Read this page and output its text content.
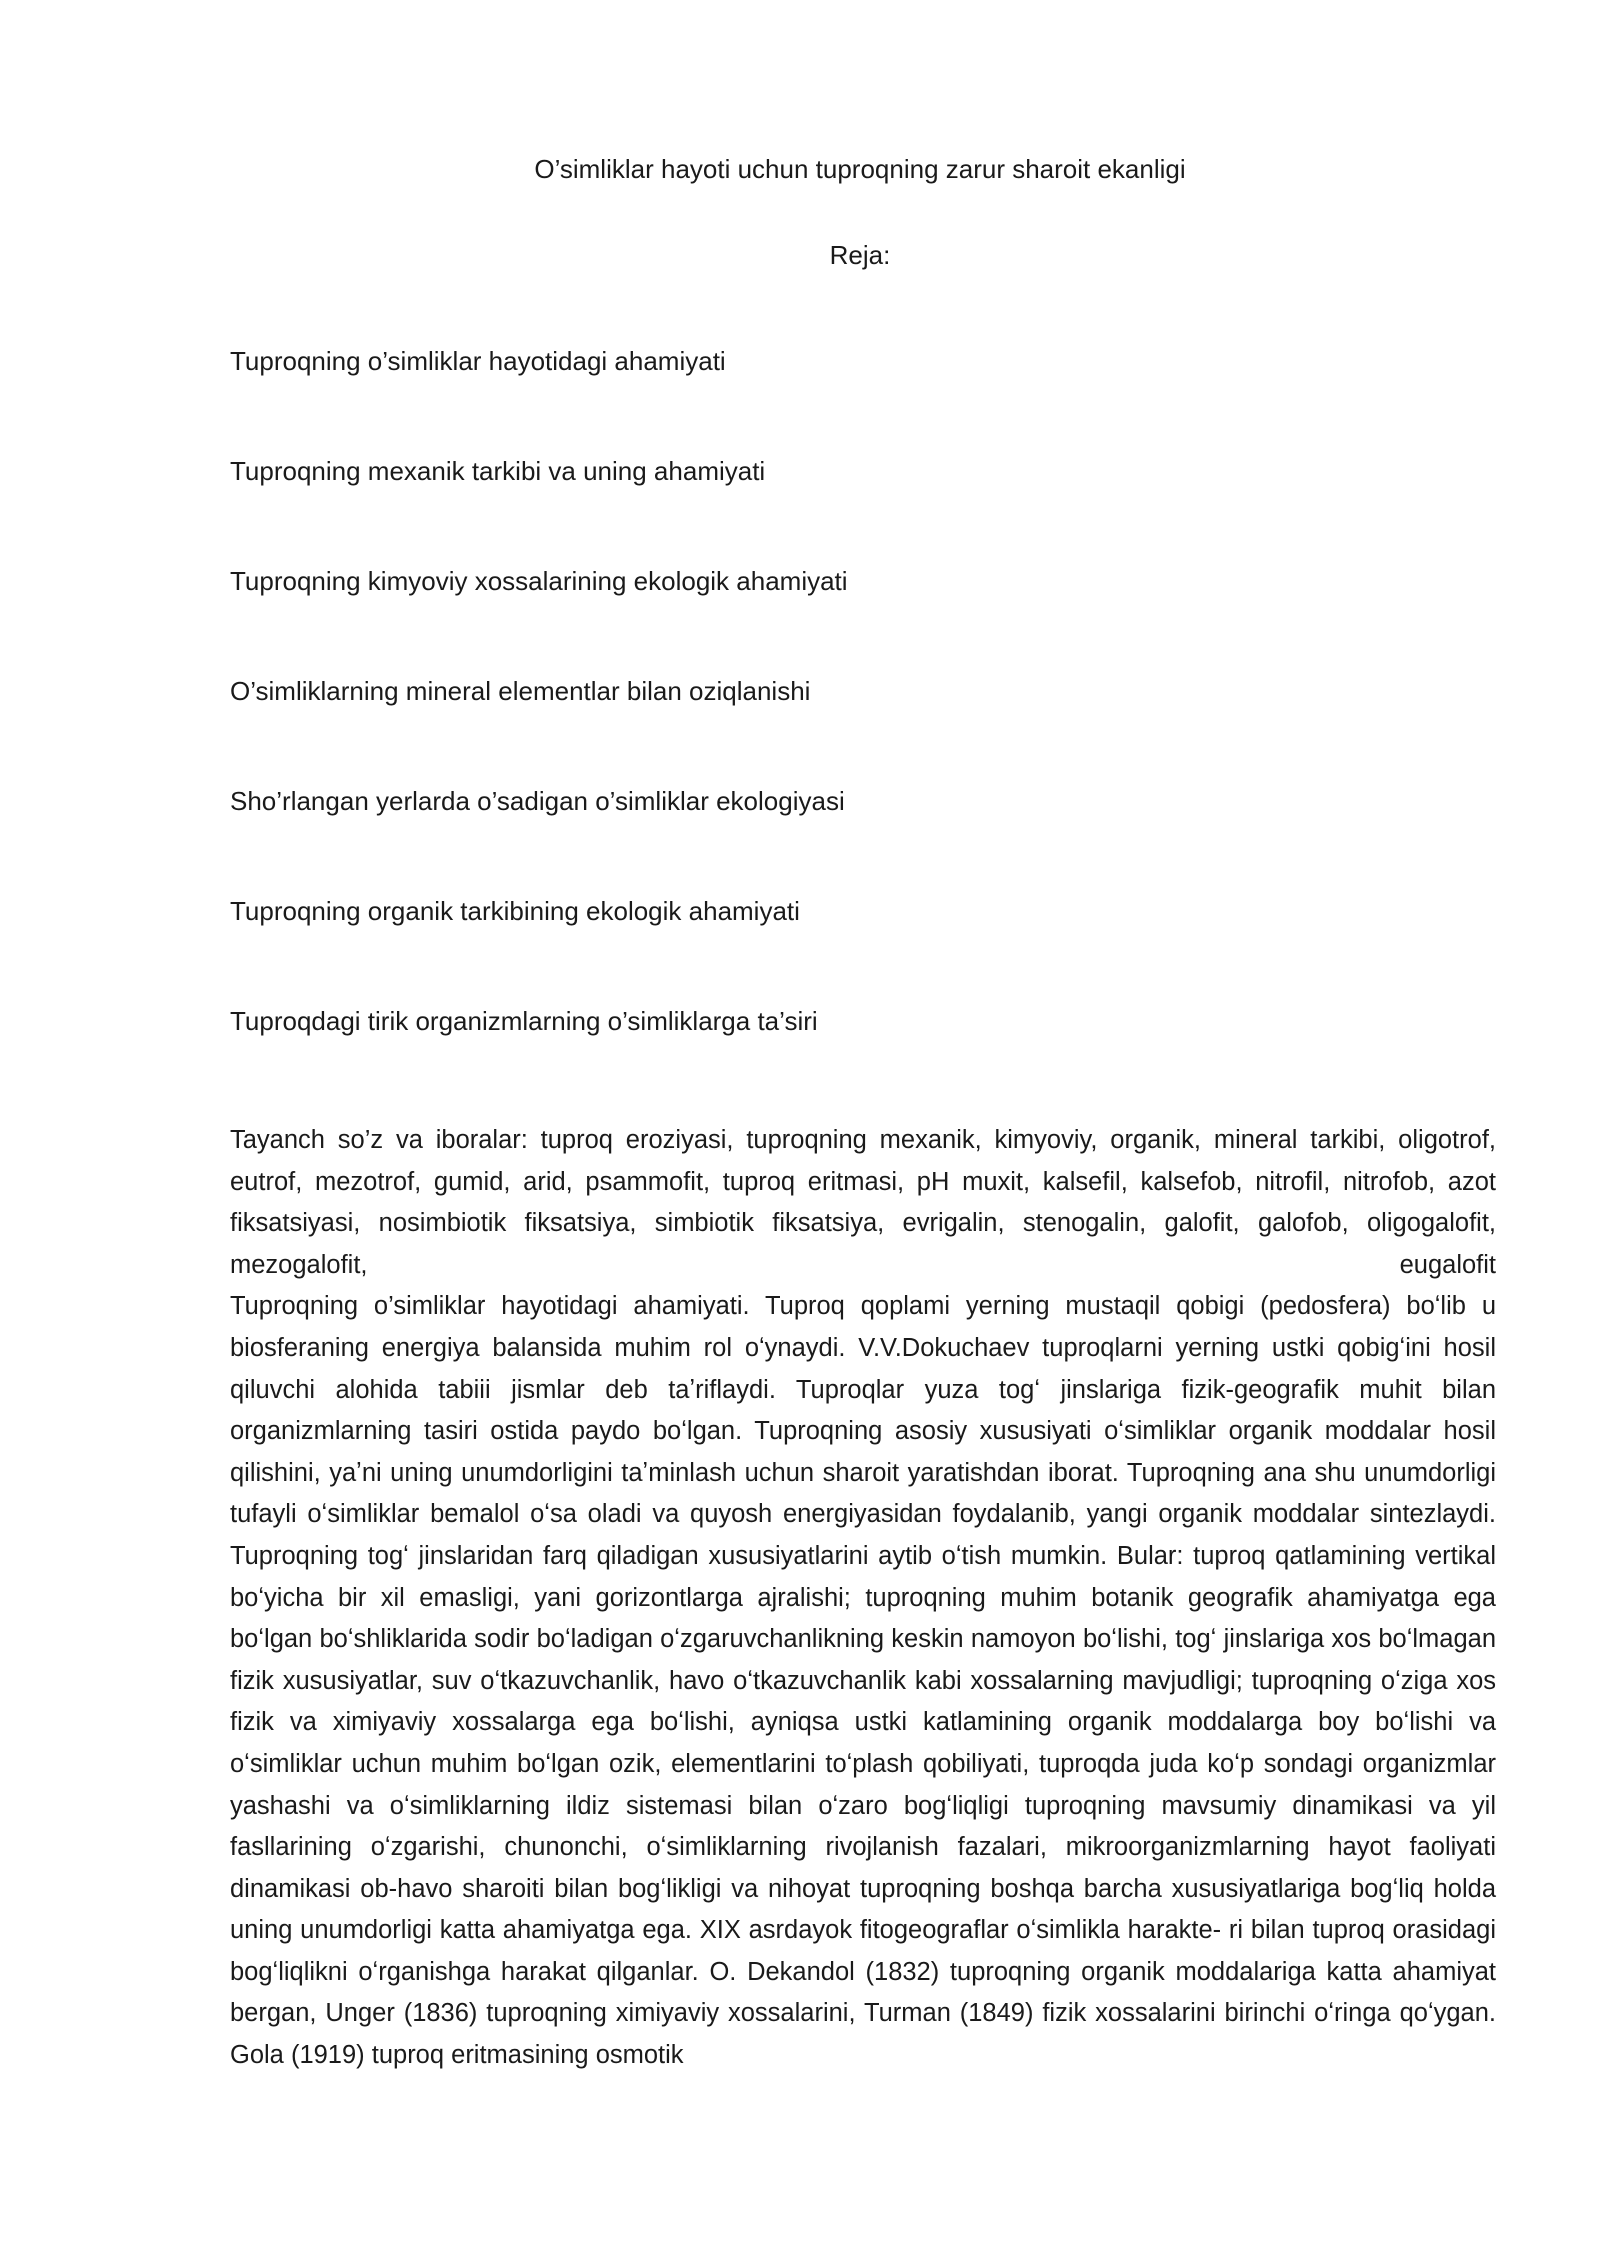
O’simliklar hayoti uchun tuproqning zarur sharoit ekanligi
Reja:
Tuproqning o’simliklar hayotidagi ahamiyati
Tuproqning mexanik tarkibi va uning ahamiyati
Tuproqning kimyoviy xossalarining ekologik ahamiyati
O’simliklarning mineral elementlar bilan oziqlanishi
Sho’rlangan yerlarda o’sadigan o’simliklar ekologiyasi
Tuproqning organik tarkibining ekologik ahamiyati
Tuproqdagi tirik organizmlarning o’simliklarga ta’siri

Tayanch so’z va iboralar: tuproq eroziyasi, tuproqning mexanik, kimyoviy, organik, mineral tarkibi, oligotrof, eutrof, mezotrof, gumid, arid, psammofit, tuproq eritmasi, pH muxit, kalsefil, kalsefob, nitrofil, nitrofob, azot fiksatsiyasi, nosimbiotik fiksatsiya, simbiotik fiksatsiya, evrigalin, stenogalin, galofit, galofob, oligogalofit, mezogalofit, eugalofit

Tuproqning o’simliklar hayotidagi ahamiyati. Tuproq qoplami yerning mustaqil qobigi (pedosfera) boʻlib u biosferaning energiya balansida muhim rol oʻynaydi. V.V.Dokuchaev tuproqlarni yerning ustki qobigʻini hosil qiluvchi alohida tabiii jismlar deb taʼriflaydi. Tuproqlar yuza togʻ jinslariga fizik-geografik muhit bilan organizmlarning tasiri ostida paydo boʻlgan. Tuproqning asosiy xususiyati oʻsimliklar organik moddalar hosil qilishini, yaʼni uning unumdorligini taʼminlash uchun sharoit yaratishdan iborat. Tuproqning ana shu unumdorligi tufayli oʻsimliklar bemalol oʻsa oladi va quyosh energiyasidan foydalanib, yangi organik moddalar sintezlaydi. Tuproqning togʻ jinslaridan farq qiladigan xususiyatlarini aytib oʻtish mumkin. Bular: tuproq qatlamining vertikal boʻyicha bir xil emasligi, yani gorizontlarga ajralishi; tuproqning muhim botanik geografik ahamiyatga ega boʻlgan boʻshliklarida sodir boʻladigan oʻzgaruvchanlikning keskin namoyon boʻlishi, togʻ jinslariga xos boʻlmagan fizik xususiyatlar, suv oʻtkazuvchanlik, havo oʻtkazuvchanlik kabi xossalarning mavjudligi; tuproqning oʻziga xos fizik va ximiyaviy xossalarga ega boʻlishi, ayniqsa ustki katlamining organik moddalarga boy boʻlishi va oʻsimliklar uchun muhim boʻlgan ozik, elementlarini toʻplash qobiliyati, tuproqda juda koʻp sondagi organizmlar yashashi va oʻsimliklarning ildiz sistemasi bilan oʻzaro bogʻliqligi tuproqning mavsumiy dinamikasi va yil fasllarining oʻzgarishi, chunonchi, oʻsimliklarning rivojlanish fazalari, mikroorganizmlarning hayot faoliyati dinamikasi ob-havo sharoiti bilan bogʻlikligi va nihoyat tuproqning boshqa barcha xususiyatlariga bogʻliq holda uning unumdorligi katta ahamiyatga ega. XIX asrdayok fitogeograflar oʻsimlikla harakte- ri bilan tuproq orasidagi bogʻliqlikni oʻrganishga harakat qilganlar. O. Dekandol (1832) tuproqning organik moddalariga katta ahamiyat bergan, Unger (1836) tuproqning ximiyaviy xossalarini, Turman (1849) fizik xossalarini birinchi oʻringa qoʻygan. Gola (1919) tuproq eritmasining osmotik
